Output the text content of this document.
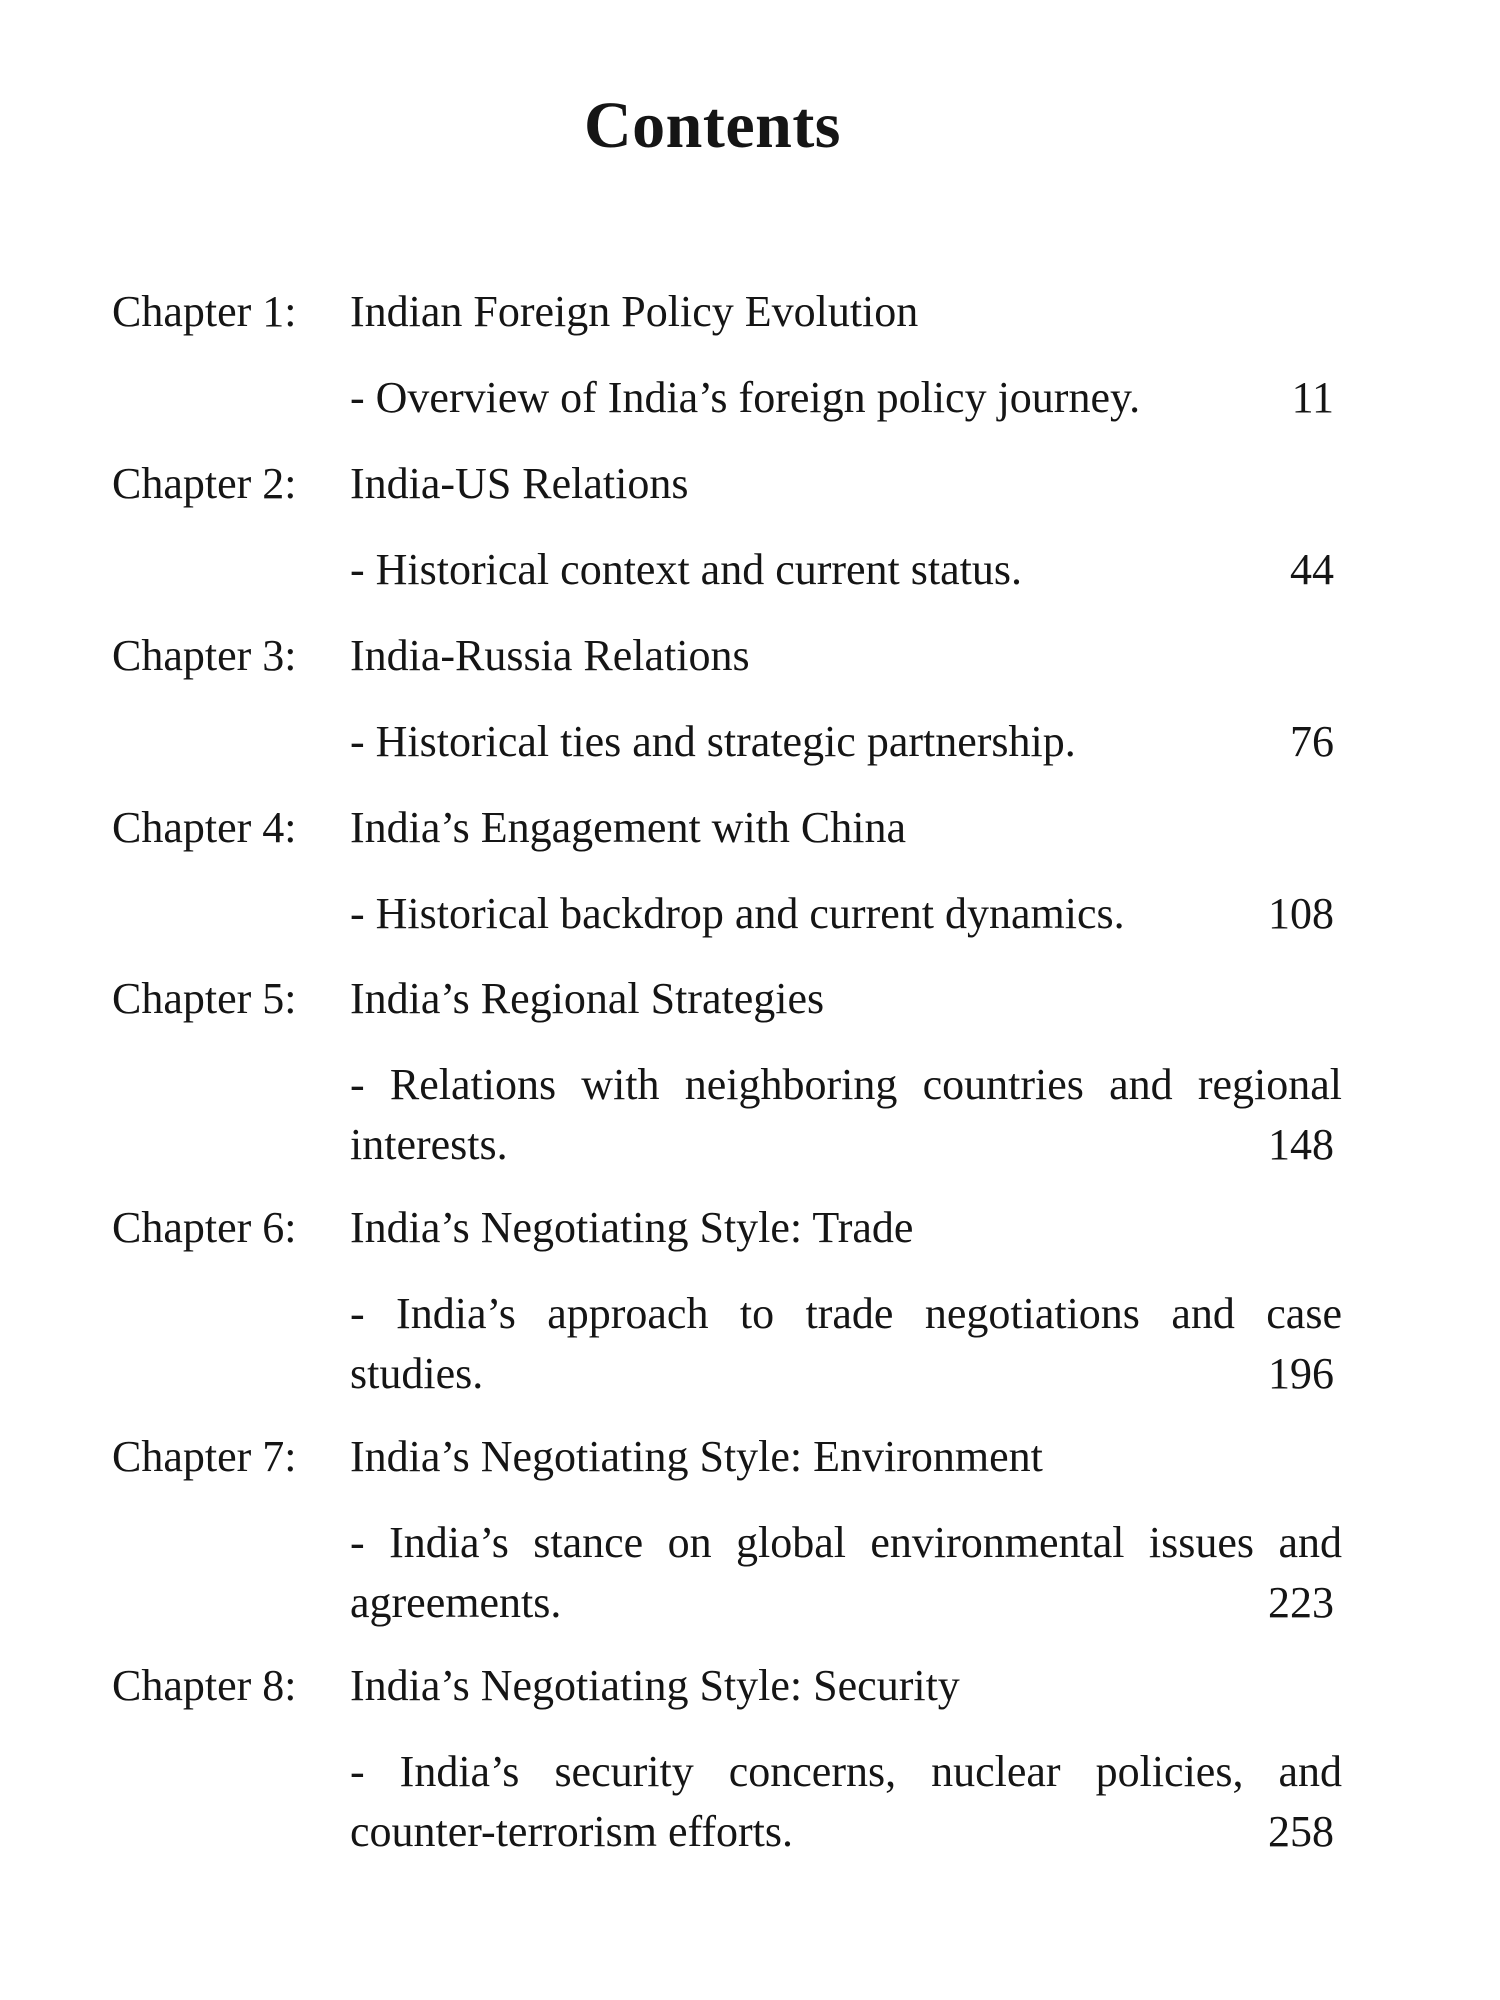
Contents
Chapter 1: Indian Foreign Policy Evolution
- Overview of India’s foreign policy journey.	11
Chapter 2: India-US Relations
- Historical context and current status.	44
Chapter 3: India-Russia Relations
- Historical ties and strategic partnership.	76
Chapter 4: India’s Engagement with China
- Historical backdrop and current dynamics.	108
Chapter 5: India’s Regional Strategies
- Relations with neighboring countries and regional interests.	148
Chapter 6: India’s Negotiating Style: Trade
- India’s approach to trade negotiations and case studies.	196
Chapter 7: India’s Negotiating Style: Environment
- India’s stance on global environmental issues and agreements.	223
Chapter 8: India’s Negotiating Style: Security
- India’s security concerns, nuclear policies, and counter-terrorism efforts.	258
